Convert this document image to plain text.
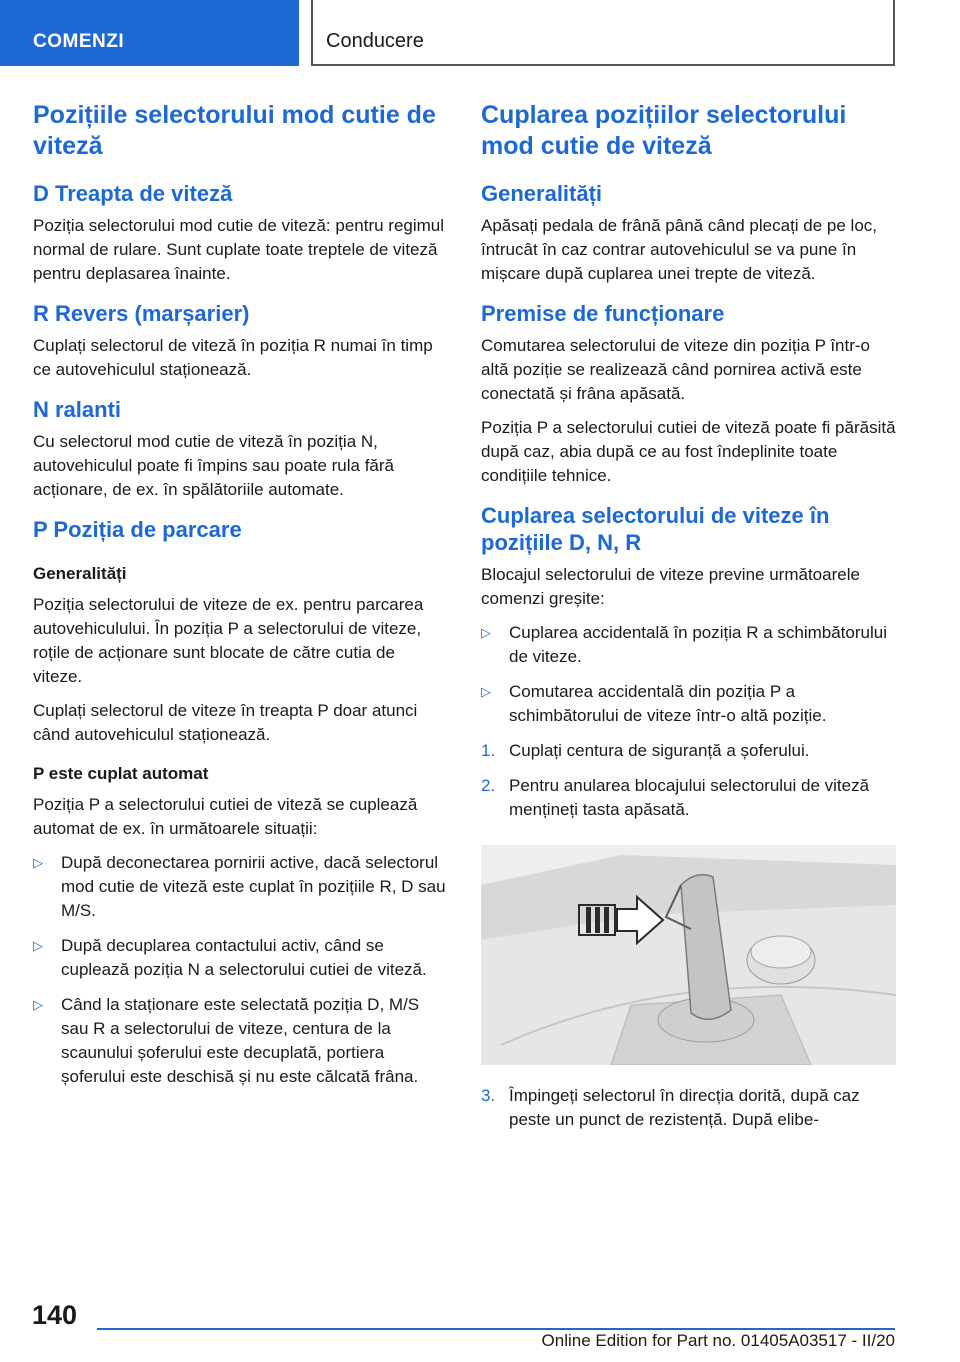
COMENZI	Conducere
Pozițiile selectorului mod cutie de viteză
D Treapta de viteză

Poziția selectorului mod cutie de viteză: pentru regimul normal de rulare. Sunt cuplate toate treptele de viteză pentru deplasarea înainte.

R Revers (marșarier)

Cuplați selectorul de viteză în poziția R numai în timp ce autovehiculul staționează.

N ralanti

Cu selectorul mod cutie de viteză în poziția N, autovehiculul poate fi împins sau poate rula fără acționare, de ex. în spălătoriile automate.

P Poziția de parcare
Generalități

Poziția selectorului de viteze de ex. pentru parcarea autovehiculului. În poziția P a selectorului de viteze, roțile de acționare sunt blocate de către cutia de viteze.

Cuplați selectorul de viteze în treapta P doar atunci când autovehiculul staționează.

P este cuplat automat

Poziția P a selectorului cutiei de viteză se cuplează automat de ex. în următoarele situații:

▷ După deconectarea pornirii active, dacă selectorul mod cutie de viteză este cuplat în pozițiile R, D sau M/S.
▷ După decuplarea contactului activ, când se cuplează poziția N a selectorului cutiei de viteză.
▷ Când la staționare este selectată poziția D, M/S sau R a selectorului de viteze, centura de la scaunului șoferului este decuplată, portiera șoferului este deschisă și nu este călcată frâna.
Cuplarea pozițiilor selectorului mod cutie de viteză
Generalități

Apăsați pedala de frână până când plecați de pe loc, întrucât în caz contrar autovehiculul se va pune în mișcare după cuplarea unei trepte de viteză.

Premise de funcționare

Comutarea selectorului de viteze din poziția P într-o altă poziție se realizează când pornirea activă este conectată și frâna apăsată.

Poziția P a selectorului cutiei de viteză poate fi părăsită după caz, abia după ce au fost îndeplinite toate condițiile tehnice.

Cuplarea selectorului de viteze în pozițiile D, N, R

Blocajul selectorului de viteze previne următoarele comenzi greșite:

▷ Cuplarea accidentală în poziția R a schimbătorului de viteze.
▷ Comutarea accidentală din poziția P a schimbătorului de viteze într-o altă poziție.
1. Cuplați centura de siguranță a șoferului.
2. Pentru anularea blocajului selectorului de viteză mențineți tasta apăsată.
3. Împingeți selectorul în direcția dorită, după caz peste un punct de rezistență. După elibe-
140
Online Edition for Part no. 01405A03517 - II/20
